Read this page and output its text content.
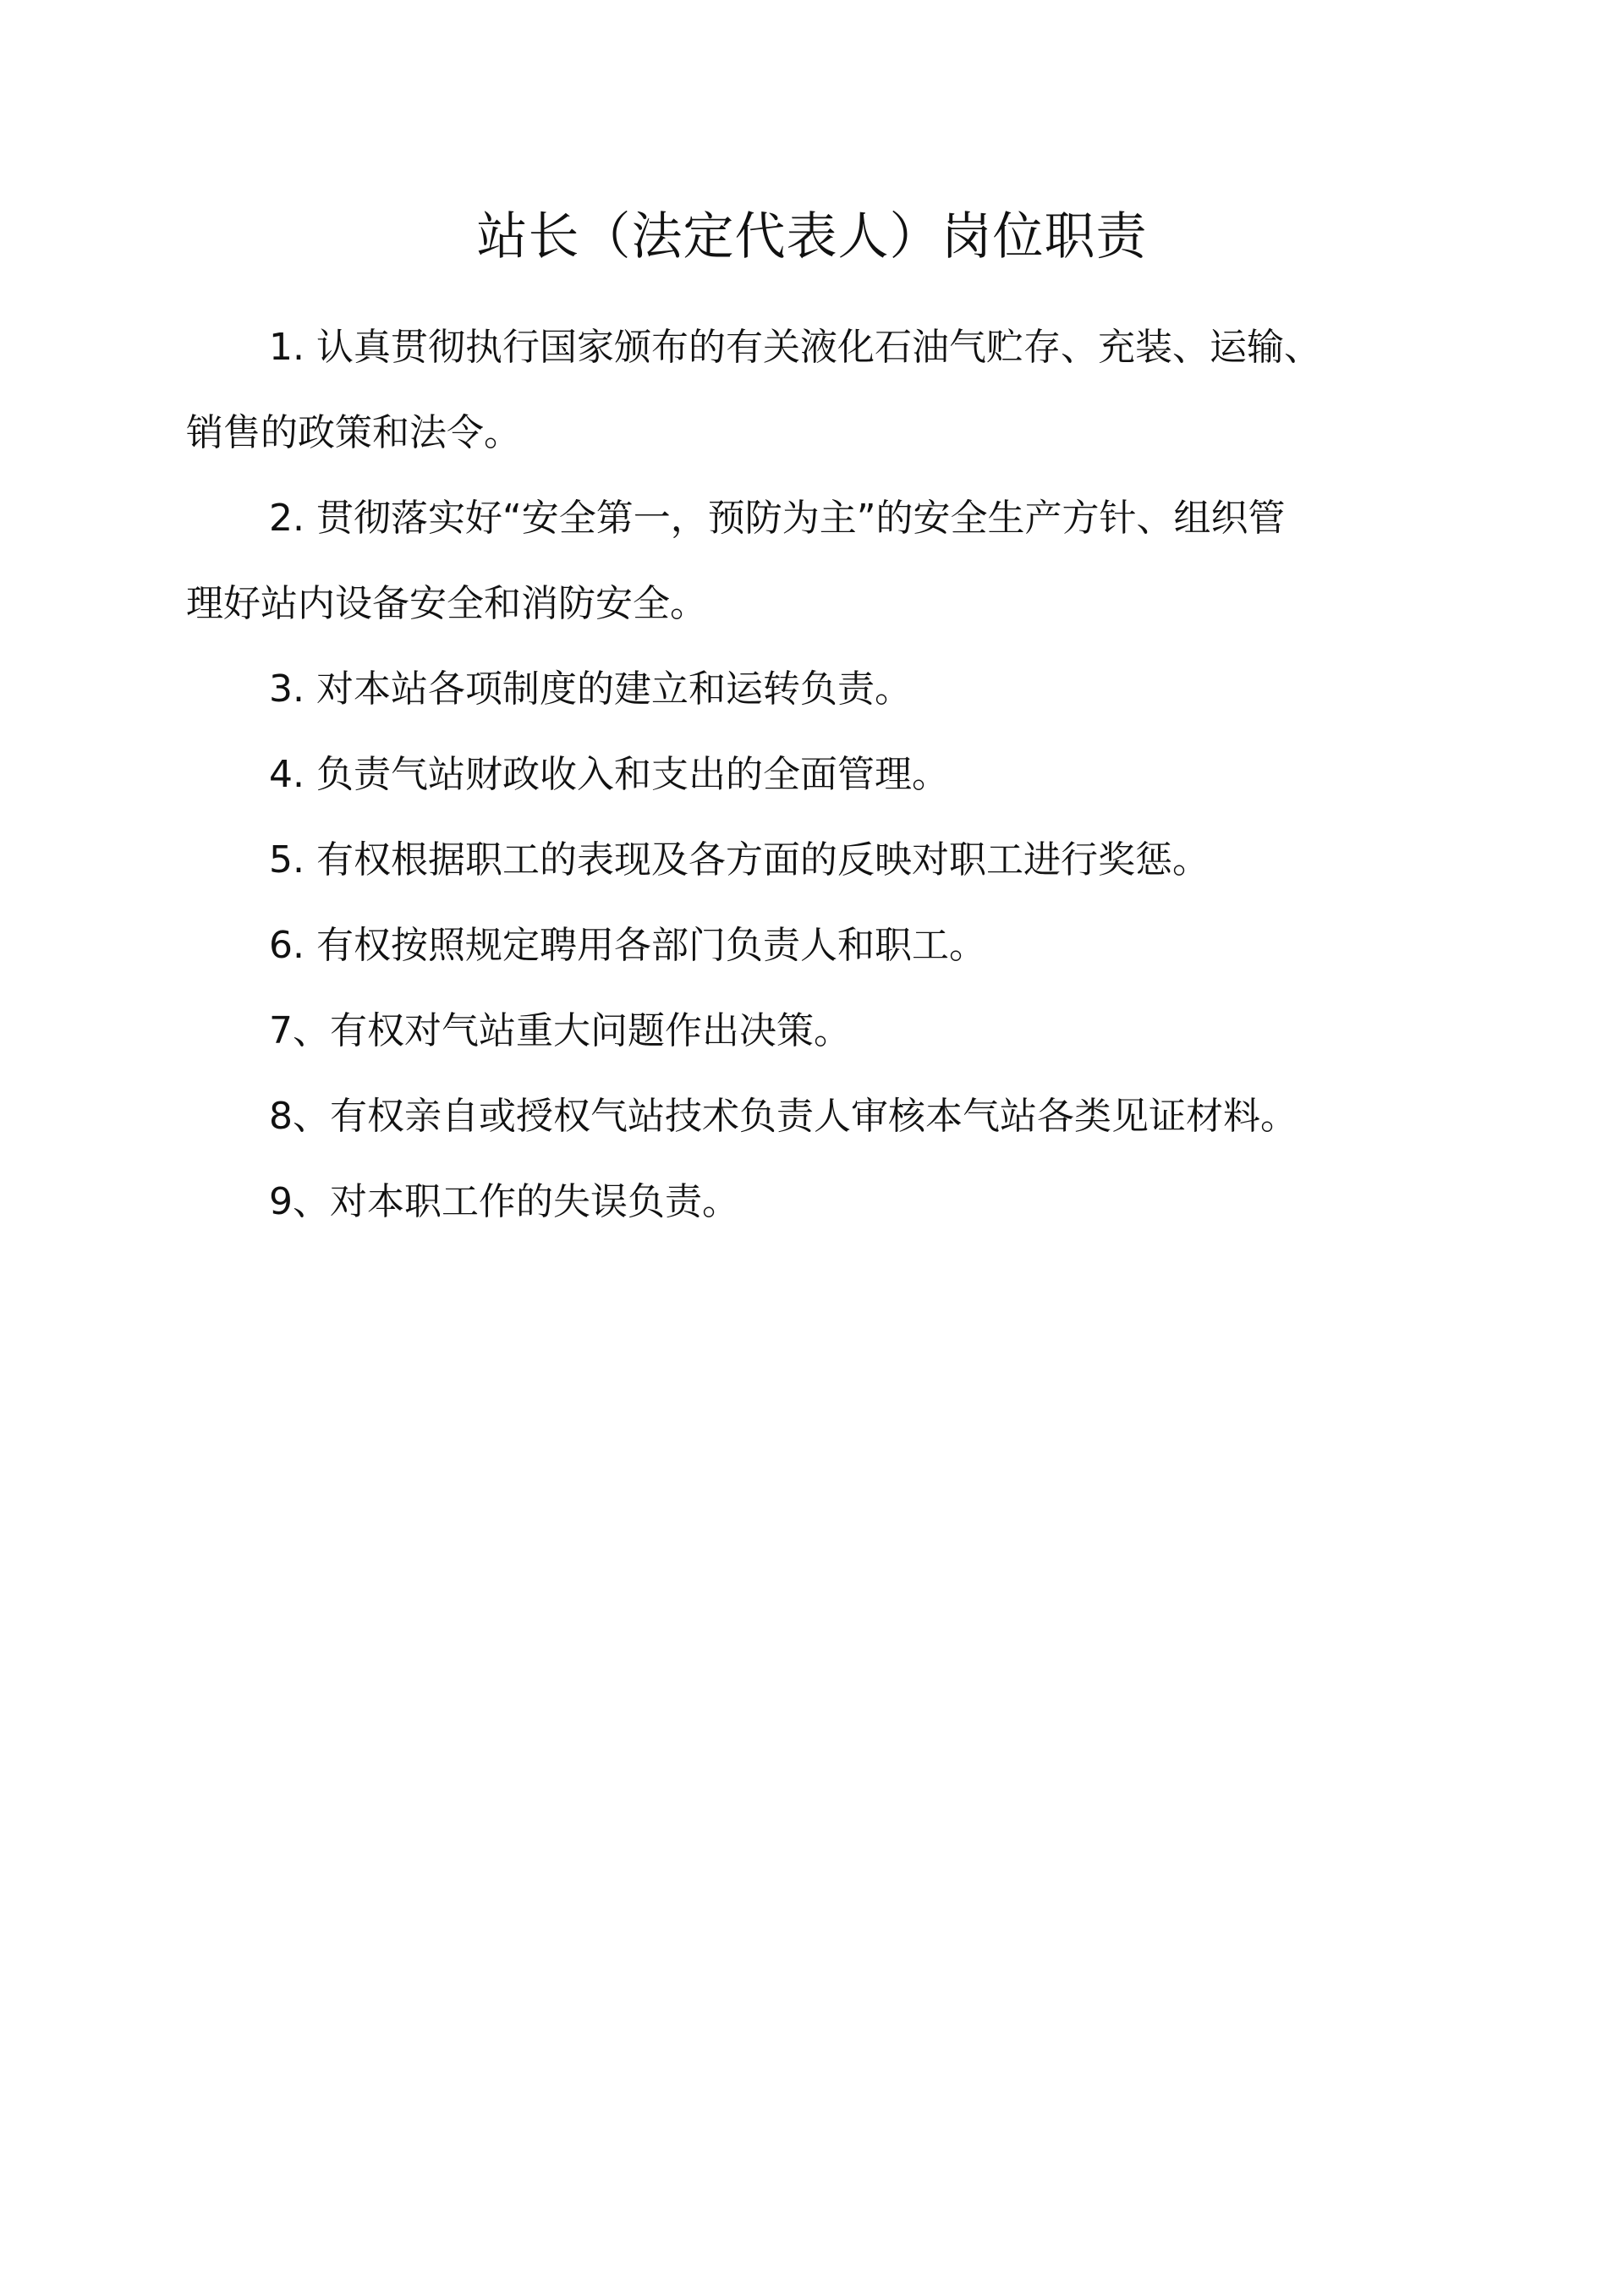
站长（法定代表人）岗位职责

1. 认真贯彻执行国家颁布的有关液化石油气贮存、充装、运输、
销售的政策和法令。

2. 贯彻落实好“安全第一，预防为主”的安全生产方针、组织管
理好站内设备安全和消防安全。

3. 对本站各项制度的建立和运转负责。

4. 负责气站财政收入和支出的全面管理。

5. 有权根据职工的表现及各方面的反映对职工进行奖惩。

6. 有权按照规定聘用各部门负责人和职工。

7、有权对气站重大问题作出决策。

8、有权亲自或授权气站技术负责人审核本气站各类见证材料。

9、对本职工作的失误负责。
